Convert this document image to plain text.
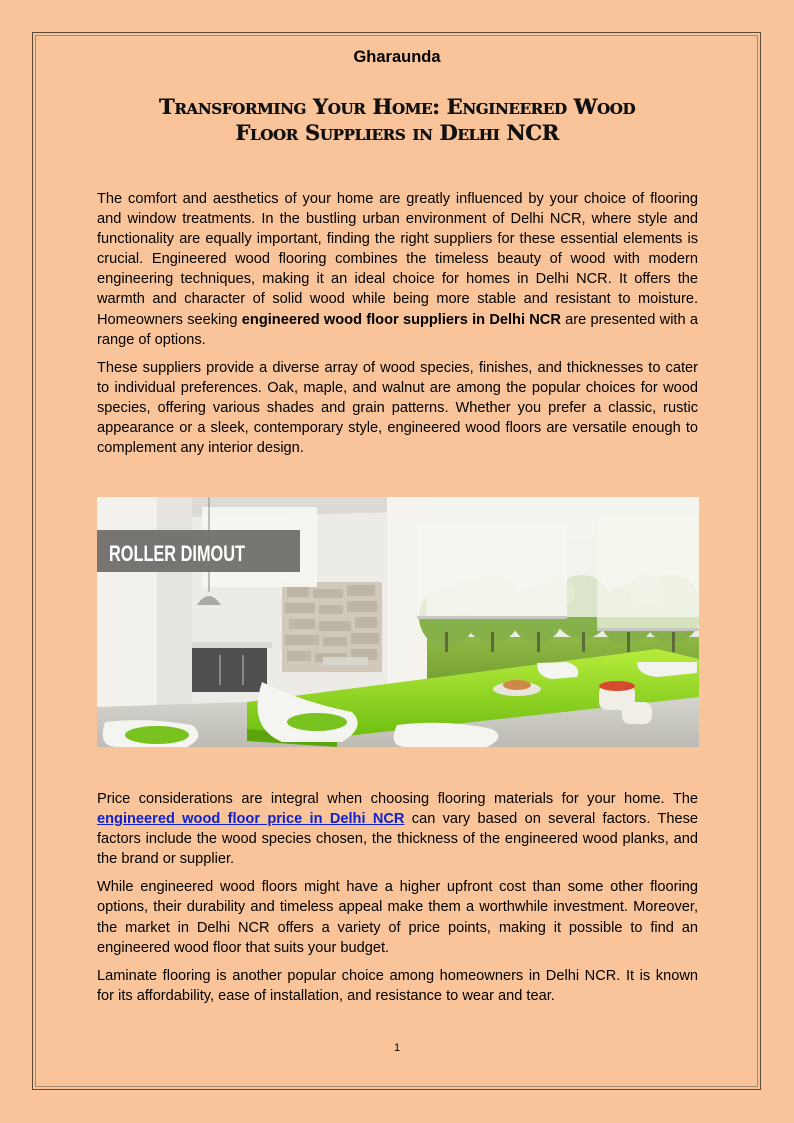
Gharaunda
Transforming Your Home: Engineered Wood
Floor Suppliers in Delhi NCR

The comfort and aesthetics of your home are greatly influenced by your choice of flooring and window treatments. In the bustling urban environment of Delhi NCR, where style and functionality are equally important, finding the right suppliers for these essential elements is crucial. Engineered wood flooring combines the timeless beauty of wood with modern engineering techniques, making it an ideal choice for homes in Delhi NCR. It offers the warmth and character of solid wood while being more stable and resistant to moisture. Homeowners seeking engineered wood floor suppliers in Delhi NCR are presented with a range of options.

These suppliers provide a diverse array of wood species, finishes, and thicknesses to cater to individual preferences. Oak, maple, and walnut are among the popular choices for wood species, offering various shades and grain patterns. Whether you prefer a classic, rustic appearance or a sleek, contemporary style, engineered wood floors are versatile enough to complement any interior design.

ROLLER DIMOUT

Price considerations are integral when choosing flooring materials for your home. The engineered wood floor price in Delhi NCR can vary based on several factors. These factors include the wood species chosen, the thickness of the engineered wood planks, and the brand or supplier.

While engineered wood floors might have a higher upfront cost than some other flooring options, their durability and timeless appeal make them a worthwhile investment. Moreover, the market in Delhi NCR offers a variety of price points, making it possible to find an engineered wood floor that suits your budget.

Laminate flooring is another popular choice among homeowners in Delhi NCR. It is known for its affordability, ease of installation, and resistance to wear and tear.

1
